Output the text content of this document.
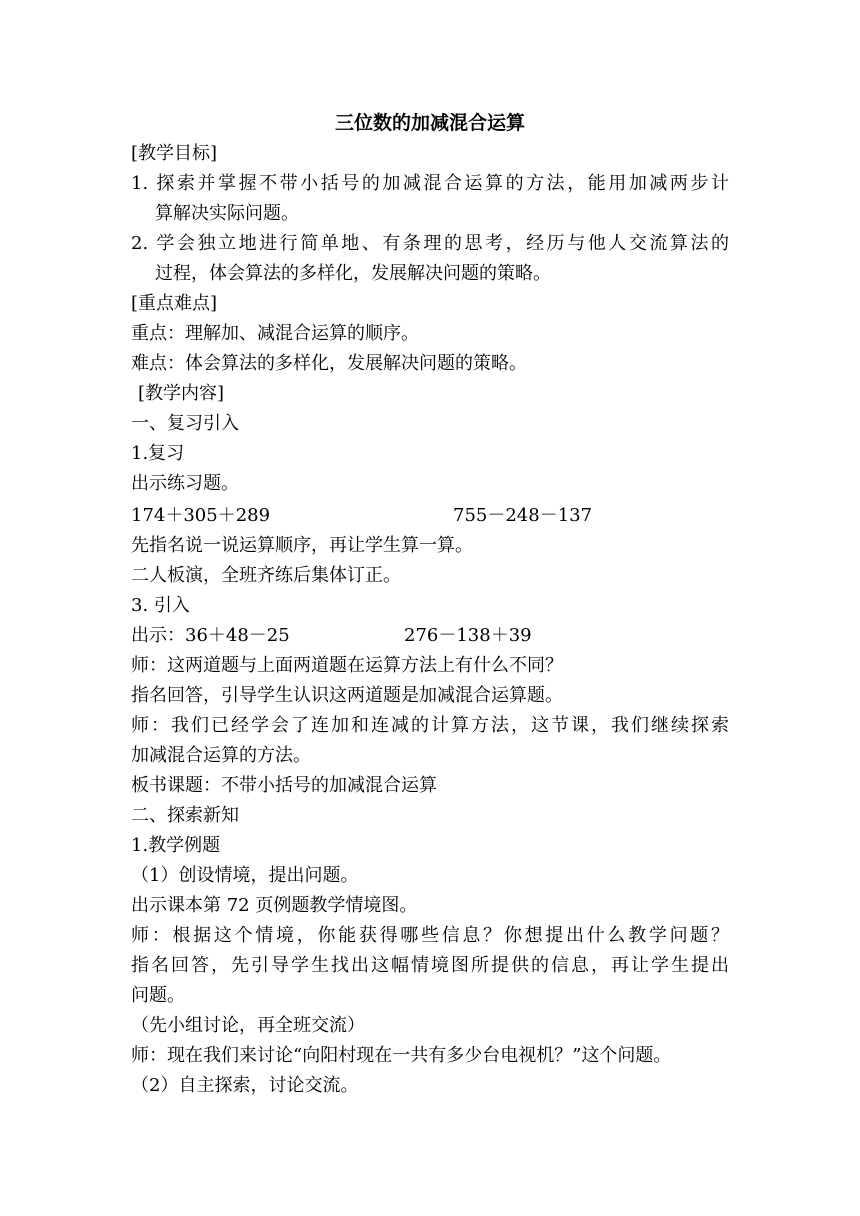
三位数的加减混合运算

[教学目标]

1. 探索并掌握不带小括号的加减混合运算的方法，能用加减两步计

算解决实际问题。

2. 学会独立地进行简单地、有条理的思考，经历与他人交流算法的

过程，体会算法的多样化，发展解决问题的策略。

[重点难点]

重点：理解加、减混合运算的顺序。

难点：体会算法的多样化，发展解决问题的策略。

[教学内容]

一、复习引入

1.复习

出示练习题。

174＋305＋289	755－248－137

先指名说一说运算顺序，再让学生算一算。

二人板演，全班齐练后集体订正。

3. 引入

出示：36＋48－25	276－138＋39

师：这两道题与上面两道题在运算方法上有什么不同？

指名回答，引导学生认识这两道题是加减混合运算题。

师：我们已经学会了连加和连减的计算方法，这节课，我们继续探索

加减混合运算的方法。

板书课题：不带小括号的加减混合运算

二、探索新知

1.教学例题

（1）创设情境，提出问题。

出示课本第 72 页例题教学情境图。

师：根据这个情境，你能获得哪些信息？你想提出什么教学问题？

指名回答，先引导学生找出这幅情境图所提供的信息，再让学生提出

问题。

（先小组讨论，再全班交流）

师：现在我们来讨论“向阳村现在一共有多少台电视机？”这个问题。

（2）自主探索，讨论交流。
